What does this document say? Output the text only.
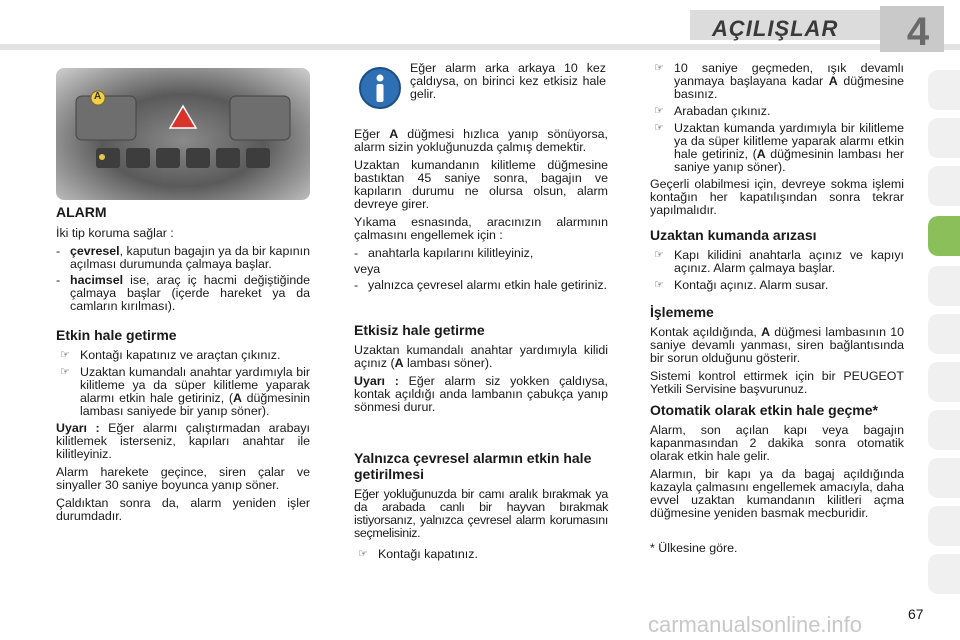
AÇILIŞLAR 4
A
ALARM

İki tip koruma sağlar :

- çevresel, kaputun bagajın ya da bir kapının açılması durumunda çalmaya başlar.
- hacimsel ise, araç iç hacmi değiştiğinde çalmaya başlar (içerde hareket ya da camların kırılması).
Etkin hale getirme
☞ Kontağı kapatınız ve araçtan çıkınız.
☞ Uzaktan kumandalı anahtar yardımıyla bir kilitleme ya da süper kilitleme yaparak alarmı etkin hale getiriniz, (A düğmesinin lambası saniyede bir yanıp söner).

Uyarı : Eğer alarmı çalıştırmadan arabayı kilitlemek isterseniz, kapıları anahtar ile kilitleyiniz.

Alarm harekete geçince, siren çalar ve sinyaller 30 saniye boyunca yanıp söner.

Çaldıktan sonra da, alarm yeniden işler durumdadır.

Eğer alarm arka arkaya 10 kez çaldıysa, on birinci kez etkisiz hale gelir.

Eğer A düğmesi hızlıca yanıp sönüyorsa, alarm sizin yokluğunuzda çalmış demektir.

Uzaktan kumandanın kilitleme düğmesine bastıktan 45 saniye sonra, bagajın ve kapıların durumu ne olursa olsun, alarm devreye girer.

Yıkama esnasında, aracınızın alarmının çalmasını engellemek için :

- anahtarla kapılarını kilitleyiniz,

veya

- yalnızca çevresel alarmı etkin hale getiriniz.
Etkisiz hale getirme

Uzaktan kumandalı anahtar yardımıyla kilidi açınız (A lambası söner).

Uyarı : Eğer alarm siz yokken çaldıysa, kontak açıldığı anda lambanın çabukça yanıp sönmesi durur.

Yalnızca çevresel alarmın etkin hale getirilmesi

Eğer yokluğunuzda bir camı aralık bırakmak ya da arabada canlı bir hayvan bırakmak istiyorsanız, yalnızca çevresel alarm korumasını seçmelisiniz.

☞ Kontağı kapatınız.
☞ 10 saniye geçmeden, ışık devamlı yanmaya başlayana kadar A düğmesine basınız.
☞ Arabadan çıkınız.
☞ Uzaktan kumanda yardımıyla bir kilitleme ya da süper kilitleme yaparak alarmı etkin hale getiriniz, (A düğmesinin lambası her saniye yanıp söner).

Geçerli olabilmesi için, devreye sokma işlemi kontağın her kapatılışından sonra tekrar yapılmalıdır.

Uzaktan kumanda arızası
☞ Kapı kilidini anahtarla açınız ve kapıyı açınız. Alarm çalmaya başlar.
☞ Kontağı açınız. Alarm susar.
İşlememe

Kontak açıldığında, A düğmesi lambasının 10 saniye devamlı yanması, siren bağlantısında bir sorun olduğunu gösterir.

Sistemi kontrol ettirmek için bir PEUGEOT Yetkili Servisine başvurunuz.

Otomatik olarak etkin hale geçme*

Alarm, son açılan kapı veya bagajın kapanmasından 2 dakika sonra otomatik olarak etkin hale gelir.

Alarmın, bir kapı ya da bagaj açıldığında kazayla çalmasını engellemek amacıyla, daha evvel uzaktan kumandanın kilitleri açma düğmesine yeniden basmak mecburidir.

* Ülkesine göre.

carmanualsonline.info	67
